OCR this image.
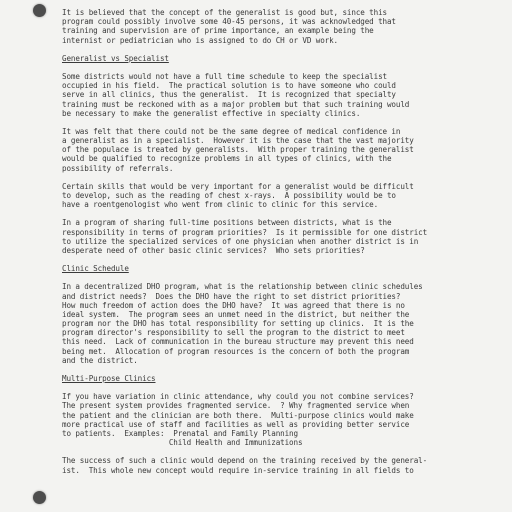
It is believed that the concept of the generalist is good but, since this
program could possibly involve some 40-45 persons, it was acknowledged that
training and supervision are of prime importance, an example being the
internist or pediatrician who is assigned to do CH or VD work.
Generalist vs Specialist
Some districts would not have a full time schedule to keep the specialist
occupied in his field.  The practical solution is to have someone who could
serve in all clinics, thus the generalist.  It is recognized that specialty
training must be reckoned with as a major problem but that such training would
be necessary to make the generalist effective in specialty clinics.
It was felt that there could not be the same degree of medical confidence in
a generalist as in a specialist.  However it is the case that the vast majority
of the populace is treated by generalists.  With proper training the generalist
would be qualified to recognize problems in all types of clinics, with the
possibility of referrals.
Certain skills that would be very important for a generalist would be difficult
to develop, such as the reading of chest x-rays.  A possibility would be to
have a roentgenologist who went from clinic to clinic for this service.
In a program of sharing full-time positions between districts, what is the
responsibility in terms of program priorities?  Is it permissible for one district
to utilize the specialized services of one physician when another district is in
desperate need of other basic clinic services?  Who sets priorities?
Clinic Schedule
In a decentralized DHO program, what is the relationship between clinic schedules
and district needs?  Does the DHO have the right to set district priorities?
How much freedom of action does the DHO have?  It was agreed that there is no
ideal system.  The program sees an unmet need in the district, but neither the
program nor the DHO has total responsibility for setting up clinics.  It is the
program director's responsibility to sell the program to the district to meet
this need.  Lack of communication in the bureau structure may prevent this need
being met.  Allocation of program resources is the concern of both the program
and the district.
Multi-Purpose Clinics
If you have variation in clinic attendance, why could you not combine services?
The present system provides fragmented service.  ? Why fragmented service when
the patient and the clinician are both there.  Multi-purpose clinics would make
more practical use of staff and facilities as well as providing better service
to patients.  Examples:  Prenatal and Family Planning
Child Health and Immunizations
The success of such a clinic would depend on the training received by the general-
ist.  This whole new concept would require in-service training in all fields to
